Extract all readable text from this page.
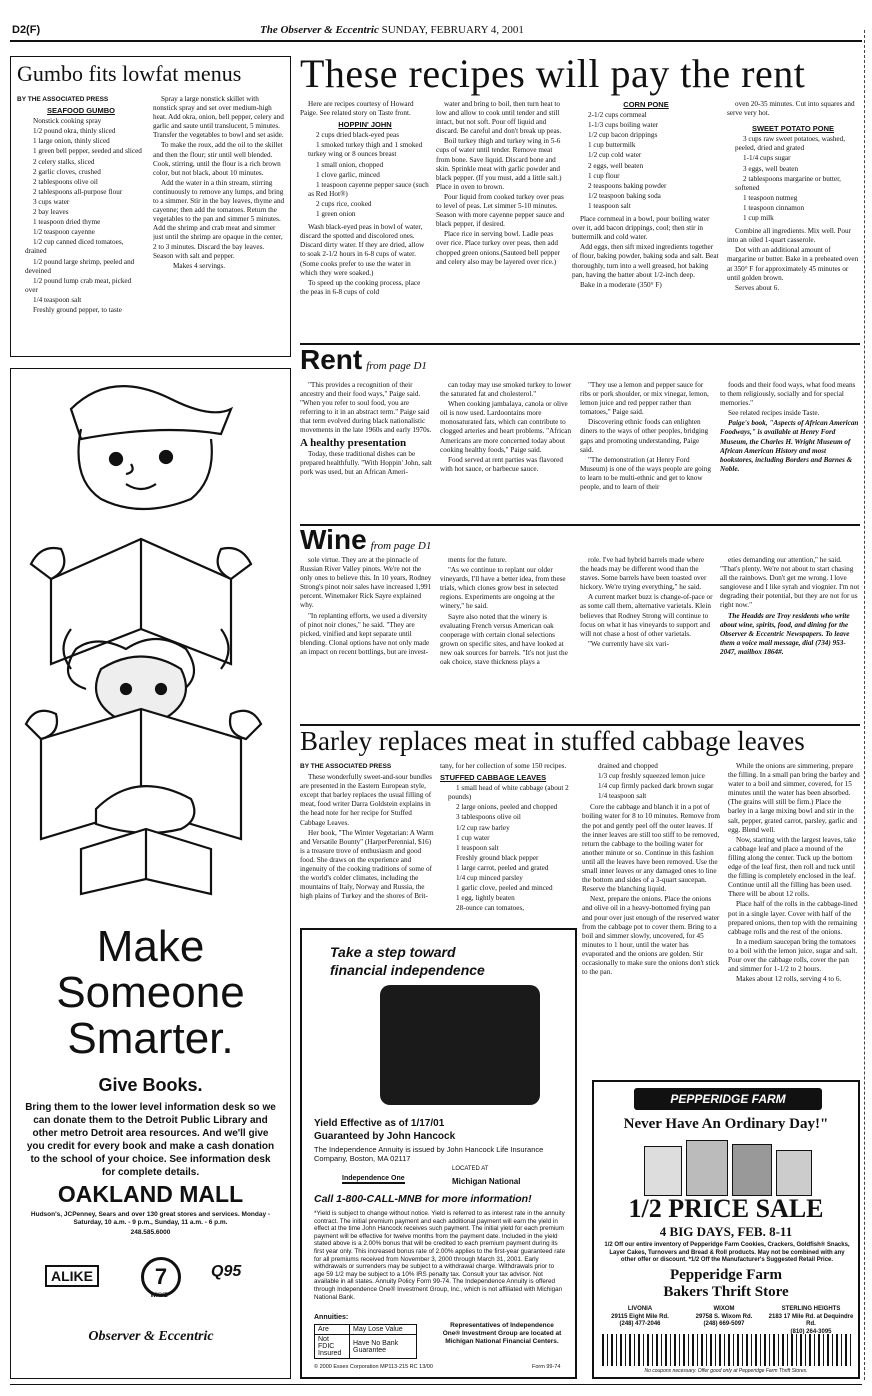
D2(F)	The Observer & Eccentric SUNDAY, FEBRUARY 4, 2001
Gumbo fits lowfat menus
BY THE ASSOCIATED PRESS
SEAFOOD GUMBO

Nonstick cooking spray

1/2 pound okra, thinly sliced

1 large onion, thinly sliced

1 green bell pepper, seeded and sliced

2 celery stalks, sliced

2 garlic cloves, crushed

2 tablespoons olive oil

2 tablespoons all-purpose flour

3 cups water

2 bay leaves

1 teaspoon dried thyme

1/2 teaspoon cayenne

1/2 cup canned diced tomatoes, drained

1/2 pound large shrimp, peeled and deveined

1/2 pound lump crab meat, picked over

1/4 teaspoon salt

Freshly ground pepper, to taste

Spray a large nonstick skillet with nonstick spray and set over medium-high heat. Add okra, onion, bell pepper, celery and garlic and saute until translucent, 5 minutes. Transfer the vegetables to bowl and set aside.

To make the roux, add the oil to the skillet and then the flour; stir until well blended. Cook, stirring, until the flour is a rich brown color, but not black, about 10 minutes.

Add the water in a thin stream, stirring continuously to remove any lumps, and bring to a simmer. Stir in the bay leaves, thyme and cayenne; then add the tomatoes. Return the vegetables to the pan and simmer 5 minutes. Add the shrimp and crab meat and simmer just until the shrimp are opaque in the center, 2 to 3 minutes. Discard the bay leaves. Season with salt and pepper.

Makes 4 servings.

These recipes will pay the rent

Here are recipes courtesy of Howard Paige. See related story on Taste front.

HOPPIN' JOHN

2 cups dried black-eyed peas

1 smoked turkey thigh and 1 smoked turkey wing or 8 ounces breast

1 small onion, chopped

1 clove garlic, minced

1 teaspoon cayenne pepper sauce (such as Red Hot®)

2 cups rice, cooked

1 green onion

Wash black-eyed peas in bowl of water, discard the spotted and discolored ones. Discard dirty water. If they are dried, allow to soak 2-1/2 hours in 6-8 cups of water. (Some cooks prefer to use the water in which they were soaked.)

To speed up the cooking process, place the peas in 6-8 cups of cold

water and bring to boil, then turn heat to low and allow to cook until tender and still intact, but not soft. Pour off liquid and discard. Be careful and don't break up peas.

Boil turkey thigh and turkey wing in 5-6 cups of water until tender. Remove meat from bone. Save liquid. Discard bone and skin. Sprinkle meat with garlic powder and black pepper. (If you must, add a little salt.) Place in oven to brown.

Pour liquid from cooked turkey over peas to level of peas. Let simmer 5-10 minutes. Season with more cayenne pepper sauce and black pepper, if desired.

Place rice in serving bowl. Ladle peas over rice. Place turkey over peas, then add chopped green onions.(Sauteed bell pepper and celery also may be layered over rice.)

CORN PONE

2-1/2 cups cornmeal

1-1/3 cups boiling water

1/2 cup bacon drippings

1 cup buttermilk

1/2 cup cold water

2 eggs, well beaten

1 cup flour

2 teaspoons baking powder

1/2 teaspoon baking soda

1 teaspoon salt

Place cornmeal in a bowl, pour boiling water over it, add bacon drippings, cool; then stir in buttermilk and cold water.

Add eggs, then sift mixed ingredients together of flour, baking powder, baking soda and salt. Beat thoroughly, turn into a well greased, hot baking pan, having the batter about 1/2-inch deep.

Bake in a moderate (350° F)

oven 20-35 minutes. Cut into squares and serve very hot.

SWEET POTATO PONE

3 cups raw sweet potatoes, washed, peeled, dried and grated

1-1/4 cups sugar

3 eggs, well beaten

2 tablespoons margarine or butter, softened

1 teaspoon nutmeg

1 teaspoon cinnamon

1 cup milk

Combine all ingredients. Mix well. Pour into an oiled 1-quart casserole.

Dot with an additional amount of margarine or butter. Bake in a preheated oven at 350° F for approximately 45 minutes or until golden brown.

Serves about 6.

Rent from page D1

"This provides a recognition of their ancestry and their food ways," Paige said. "When you refer to soul food, you are referring to it in an abstract term." Paige said that term evolved during black nationalistic movements in the late 1960s and early 1970s.

A healthy presentation

Today, these traditional dishes can be prepared healthfully. "With Hoppin' John, salt pork was used, but an African Ameri-

can today may use smoked turkey to lower the saturated fat and cholesterol."

When cooking jambalaya, canola or olive oil is now used. Lardoontains more monosaturated fats, which can contribute to clogged arteries and heart problems. "African Americans are more concerned today about cooking healthy foods," Paige said.

Food served at rent parties was flavored with hot sauce, or barbecue sauce.

"They use a lemon and pepper sauce for ribs or pork shoulder, or mix vinegar, lemon, lemon juice and red pepper rather than tomatoes," Paige said.

Discovering ethnic foods can enlighten diners to the ways of other peoples, bridging gaps and promoting understanding, Paige said.

"The demonstration (at Henry Ford Museum) is one of the ways people are going to learn to be multi-ethnic and get to know people, and to learn of their

foods and their food ways, what food means to them religiously, socially and for special memories."

See related recipes inside Taste.

Paige's book, "Aspects of African American Foodways," is available at Henry Ford Museum, the Charles H. Wright Museum of African American History and most bookstores, including Borders and Barnes & Noble.

Wine from page D1

sole virtue. They are at the pinnacle of Russian River Valley pinots. We're not the only ones to believe this. In 10 years, Rodney Strong's pinot noir sales have increased 1,991 percent. Winemaker Rick Sayre explained why.

"In replanting efforts, we used a diversity of pinot noir clones," he said. "They are picked, vinified and kept separate until blending. Clonal options have not only made an impact on recent bottlings, but are invest-

ments for the future.

"As we continue to replant our older vineyards, I'll have a better idea, from these trials, which clones grow best in selected regions. Experiments are ongoing at the winery," he said.

Sayre also noted that the winery is evaluating French versus American oak cooperage with certain clonal selections grown on specific sites, and have looked at new oak sources for barrels. "It's not just the oak choice, stave thickness plays a

role. I've had hybrid barrels made where the heads may be different wood than the staves. Some barrels have been toasted over hickory. We're trying everything," he said.

A current market buzz is change-of-pace or as some call them, alternative varietals. Klein believes that Rodney Strong will continue to focus on what it has vineyards to support and will not chase a host of other varietals.

"We currently have six vari-

eties demanding our attention," he said. "That's plenty. We're not about to start chasing all the rainbows. Don't get me wrong. I love sangiovese and I like syrah and viognier. I'm not degrading their potential, but they are not for us right now."

The Headds are Troy residents who write about wine, spirits, food, and dining for the Observer & Eccentric Newspapers. To leave them a voice mail message, dial (734) 953-2047, mailbox 1864#.

Barley replaces meat in stuffed cabbage leaves
BY THE ASSOCIATED PRESS

These wonderfully sweet-and-sour bundles are presented in the Eastern European style, except that barley replaces the usual filling of meat, food writer Darra Goldstein explains in the head note for her recipe for Stuffed Cabbage Leaves.

Her book, "The Winter Vegetarian: A Warm and Versatile Bounty" (HarperPerennial, $16) is a treasure trove of enthusiasm and good food. She draws on the experience and ingenuity of the cooking traditions of some of the world's colder climates, including the mountains of Italy, Norway and Russia, the high plains of Turkey and the shores of Brit-

tany, for her collection of some 150 recipes.

STUFFED CABBAGE LEAVES

1 small head of white cabbage (about 2 pounds)

2 large onions, peeled and chopped

3 tablespoons olive oil

1/2 cup raw barley

1 cup water

1 teaspoon salt

Freshly ground black pepper

1 large carrot, peeled and grated

1/4 cup minced parsley

1 garlic clove, peeled and minced

1 egg, lightly beaten

28-ounce can tomatoes,

drained and chopped

1/3 cup freshly squeezed lemon juice

1/4 cup firmly packed dark brown sugar

1/4 teaspoon salt

Core the cabbage and blanch it in a pot of boiling water for 8 to 10 minutes. Remove from the pot and gently peel off the outer leaves. If the inner leaves are still too stiff to be removed, return the cabbage to the boiling water for another minute or so. Continue in this fashion until all the leaves have been removed. Use the small inner leaves or any damaged ones to line the bottom and sides of a 3-quart saucepan. Reserve the blanching liquid.

Next, prepare the onions. Place the onions and olive oil in a heavy-bottomed frying pan and pour over just enough of the reserved water from the cabbage pot to cover them. Bring to a boil and simmer slowly, uncovered, for 45 minutes to 1 hour, until the water has evaporated and the onions are golden. Stir occasionally to make sure the onions don't stick to the pan.

While the onions are simmering, prepare the filling. In a small pan bring the barley and water to a boil and simmer, covered, for 15 minutes until the water has been absorbed. (The grains will still be firm.) Place the barley in a large mixing bowl and stir in the salt, pepper, grated carrot, parsley, garlic and egg. Blend well.

Now, starting with the largest leaves, take a cabbage leaf and place a mound of the filling along the center. Tuck up the bottom edge of the leaf first, then roll and tuck until the filling is completely enclosed in the leaf. Continue until all the filling has been used. There will be about 12 rolls.

Place half of the rolls in the cabbage-lined pot in a single layer. Cover with half of the prepared onions, then top with the remaining cabbage rolls and the rest of the onions.

In a medium saucepan bring the tomatoes to a boil with the lemon juice, sugar and salt. Pour over the cabbage rolls, cover the pan and simmer for 1-1/2 to 2 hours.

Makes about 12 rolls, serving 4 to 6.

Make
Someone
Smarter.
Give Books.
Bring them to the lower level information desk so we can donate them to the Detroit Public Library and other metro Detroit area resources. And we'll give you credit for every book and make a cash donation to the school of your choice. See information desk for complete details.
OAKLAND MALL
Hudson's, JCPenney, Sears and over 130 great stores and services. Monday - Saturday, 10 a.m. - 9 p.m., Sunday, 11 a.m. - 6 p.m.
248.585.6000
ALIKE	7
WXYZ
Q95
Observer & Eccentric
Take a step toward
financial independence
Yield Effective as of 1/17/01
Guaranteed by John Hancock
The Independence Annuity is issued by John Hancock Life Insurance Company, Boston, MA 02117
Independence One
LOCATED AT
Michigan National
Call 1-800-CALL-MNB for more information!
*Yield is subject to change without notice. Yield is referred to as interest rate in the annuity contract. The initial premium payment and each additional payment will earn the yield in effect at the time John Hancock receives such payment. The initial yield for each premium payment will be effective for twelve months from the payment date. Included in the yield stated above is a 2.00% bonus that will be credited to each premium payment during its first year only. This increased bonus rate of 2.00% applies to the first-year guaranteed rate for all premiums received from November 3, 2000 through March 31, 2001. Early withdrawals or surrenders may be subject to a withdrawal charge. Withdrawals prior to age 59 1/2 may be subject to a 10% IRS penalty tax. Consult your tax advisor. Not available in all states. Annuity Policy Form 99-74. The Independence Annuity is offered through Independence One® Investment Group, Inc., which is not affiliated with Michigan National Bank.
Annuities:
Are	May Lose Value
Not FDIC Insured	Have No Bank Guarantee
Representatives of Independence One® Investment Group are located at Michigan National Financial Centers.
© 2000 Essex Corporation MP113-215 RC 13/00	Form 99-74
PEPPERIDGE FARM
Never Have An Ordinary Day!"
1/2 PRICE SALE
4 BIG DAYS, FEB. 8-11
1/2 Off our entire inventory of Pepperidge Farm Cookies, Crackers, Goldfish® Snacks, Layer Cakes, Turnovers and Bread & Roll products. May not be combined with any other offer or discount. *1/2 Off the Manufacturer's Suggested Retail Price.
Pepperidge Farm
Bakers Thrift Store
LIVONIA
29115 Eight Mile Rd.
(248) 477-2046
WIXOM
29758 S. Wixom Rd.
(248) 669-5097
STERLING HEIGHTS
2183 17 Mile Rd. at Dequindre Rd.
(810) 264-3095
No coupons necessary. Offer good only at Pepperidge Farm Thrift Stores.
